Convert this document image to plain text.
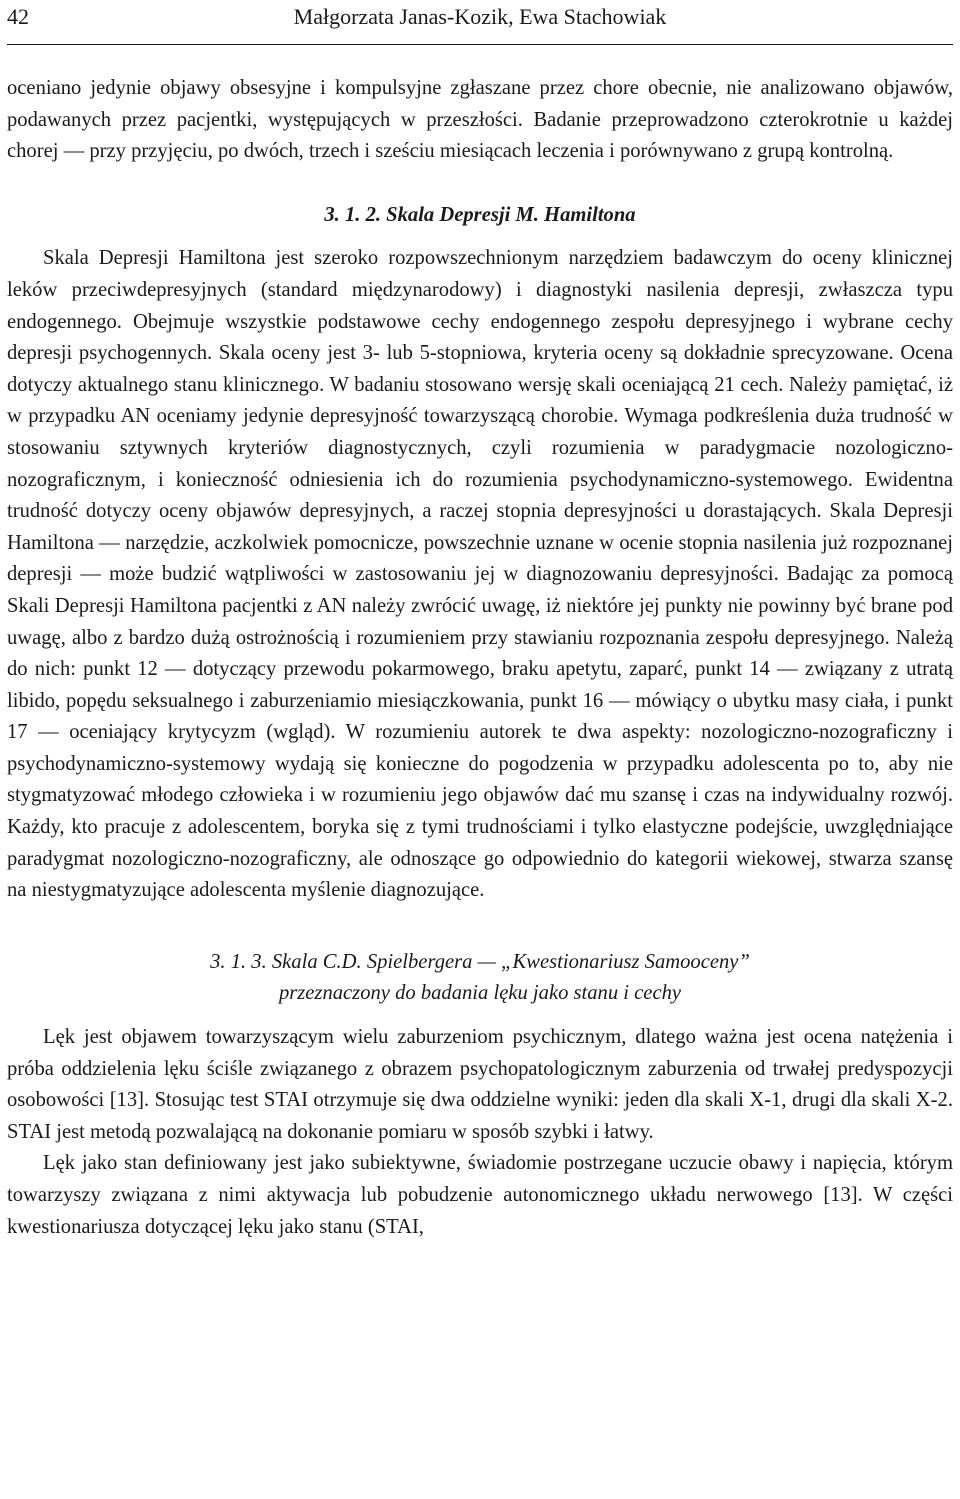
42	Małgorzata Janas-Kozik, Ewa Stachowiak

oceniano jedynie objawy obsesyjne i kompulsyjne zgłaszane przez chore obecnie, nie analizowano objawów, podawanych przez pacjentki, występujących w przeszłości. Badanie przeprowadzono czterokrotnie u każdej chorej — przy przyjęciu, po dwóch, trzech i sześciu miesiącach leczenia i porównywano z grupą kontrolną.

3. 1. 2. Skala Depresji M. Hamiltona

Skala Depresji Hamiltona jest szeroko rozpowszechnionym narzędziem badawczym do oceny klinicznej leków przeciwdepresyjnych (standard międzynarodowy) i diagnostyki nasilenia depresji, zwłaszcza typu endogennego. Obejmuje wszystkie podstawowe cechy endogennego zespołu depresyjnego i wybrane cechy depresji psychogennych. Skala oceny jest 3- lub 5-stopniowa, kryteria oceny są dokładnie sprecyzowane. Ocena dotyczy aktualnego stanu klinicznego. W badaniu stosowano wersję skali oceniającą 21 cech. Należy pamiętać, iż w przypadku AN oceniamy jedynie depresyjność towarzyszącą chorobie. Wymaga podkreślenia duża trudność w stosowaniu sztywnych kryteriów diagnostycznych, czyli rozumienia w paradygmacie nozologiczno-nozograficznym, i konieczność odniesienia ich do rozumienia psychodynamiczno-systemowego. Ewidentna trudność dotyczy oceny objawów depresyjnych, a raczej stopnia depresyjności u dorastających. Skala Depresji Hamiltona — narzędzie, aczkolwiek pomocnicze, powszechnie uznane w ocenie stopnia nasilenia już rozpoznanej depresji — może budzić wątpliwości w zastosowaniu jej w diagnozowaniu depresyjności. Badając za pomocą Skali Depresji Hamiltona pacjentki z AN należy zwrócić uwagę, iż niektóre jej punkty nie powinny być brane pod uwagę, albo z bardzo dużą ostrożnością i rozumieniem przy stawianiu rozpoznania zespołu depresyjnego. Należą do nich: punkt 12 — dotyczący przewodu pokarmowego, braku apetytu, zaparć, punkt 14 — związany z utratą libido, popędu seksualnego i zaburzeniamio miesiączkowania, punkt 16 — mówiący o ubytku masy ciała, i punkt 17 — oceniający krytycyzm (wgląd). W rozumieniu autorek te dwa aspekty: nozologiczno-nozograficzny i psychodynamiczno-systemowy wydają się konieczne do pogodzenia w przypadku adolescenta po to, aby nie stygmatyzować młodego człowieka i w rozumieniu jego objawów dać mu szansę i czas na indywidualny rozwój. Każdy, kto pracuje z adolescentem, boryka się z tymi trudnościami i tylko elastyczne podejście, uwzględniające paradygmat nozologiczno-nozograficzny, ale odnoszące go odpowiednio do kategorii wiekowej, stwarza szansę na niestygmatyzujące adolescenta myślenie diagnozujące.

3. 1. 3. Skala C.D. Spielbergera — „Kwestionariusz Samooceny”
przeznaczony do badania lęku jako stanu i cechy

Lęk jest objawem towarzyszącym wielu zaburzeniom psychicznym, dlatego ważna jest ocena natężenia i próba oddzielenia lęku ściśle związanego z obrazem psychopatologicznym zaburzenia od trwałej predyspozycji osobowości [13]. Stosując test STAI otrzymuje się dwa oddzielne wyniki: jeden dla skali X-1, drugi dla skali X-2. STAI jest metodą pozwalającą na dokonanie pomiaru w sposób szybki i łatwy.

Lęk jako stan definiowany jest jako subiektywne, świadomie postrzegane uczucie obawy i napięcia, którym towarzyszy związana z nimi aktywacja lub pobudzenie autonomicznego układu nerwowego [13]. W części kwestionariusza dotyczącej lęku jako stanu (STAI,
